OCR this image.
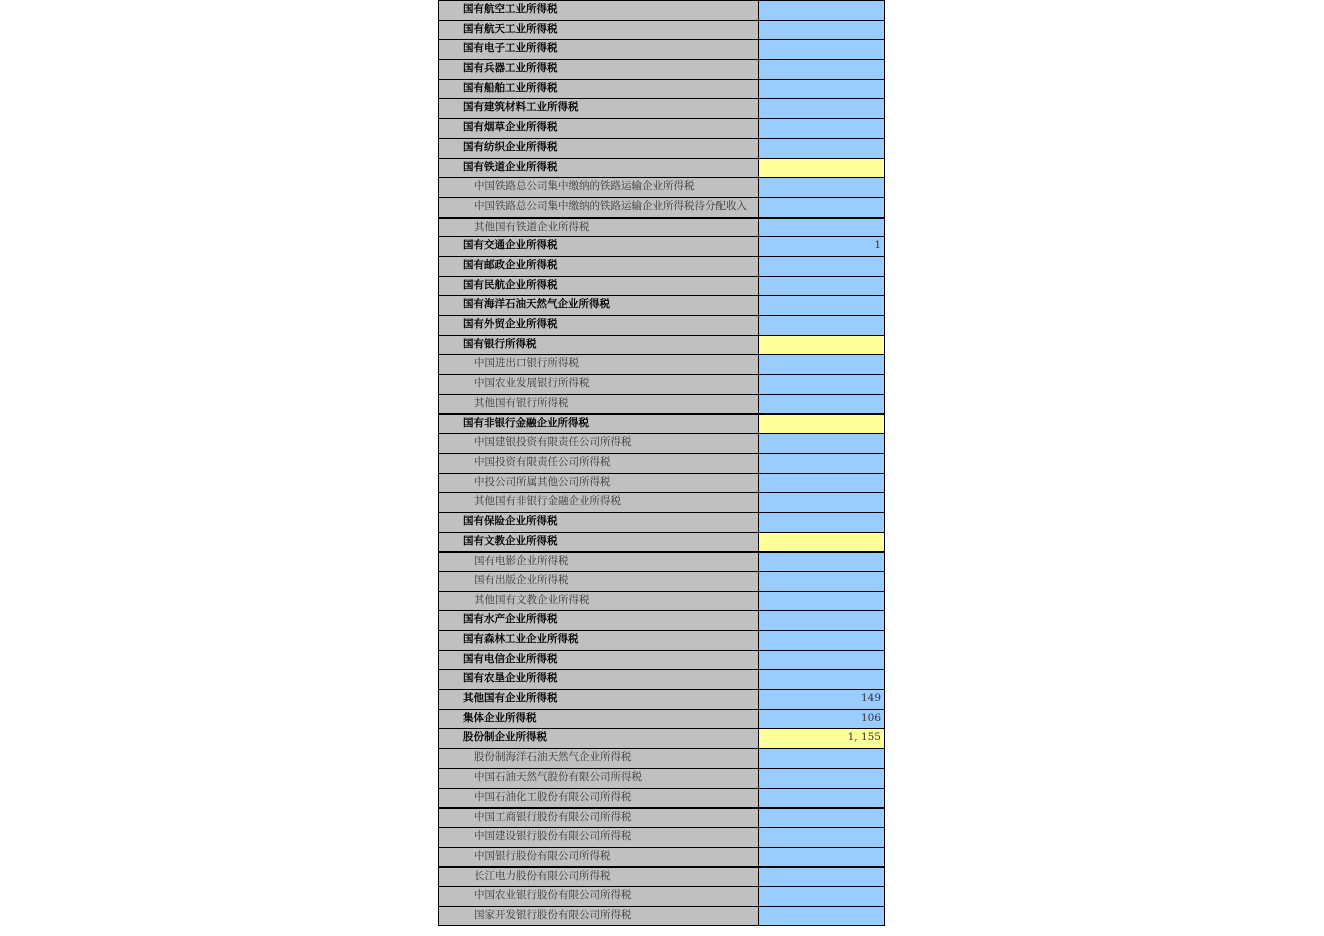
国有航空工业所得税
国有航天工业所得税
国有电子工业所得税
国有兵器工业所得税
国有船舶工业所得税
国有建筑材料工业所得税
国有烟草企业所得税
国有纺织企业所得税
国有铁道企业所得税
中国铁路总公司集中缴纳的铁路运输企业所得税
中国铁路总公司集中缴纳的铁路运输企业所得税待分配收入
其他国有铁道企业所得税
国有交通企业所得税	1
国有邮政企业所得税
国有民航企业所得税
国有海洋石油天然气企业所得税
国有外贸企业所得税
国有银行所得税
中国进出口银行所得税
中国农业发展银行所得税
其他国有银行所得税
国有非银行金融企业所得税
中国建银投资有限责任公司所得税
中国投资有限责任公司所得税
中投公司所属其他公司所得税
其他国有非银行金融企业所得税
国有保险企业所得税
国有文教企业所得税
国有电影企业所得税
国有出版企业所得税
其他国有文教企业所得税
国有水产企业所得税
国有森林工业企业所得税
国有电信企业所得税
国有农垦企业所得税
其他国有企业所得税	149
集体企业所得税	106
股份制企业所得税	1, 155
股份制海洋石油天然气企业所得税
中国石油天然气股份有限公司所得税
中国石油化工股份有限公司所得税
中国工商银行股份有限公司所得税
中国建设银行股份有限公司所得税
中国银行股份有限公司所得税
长江电力股份有限公司所得税
中国农业银行股份有限公司所得税
国家开发银行股份有限公司所得税
